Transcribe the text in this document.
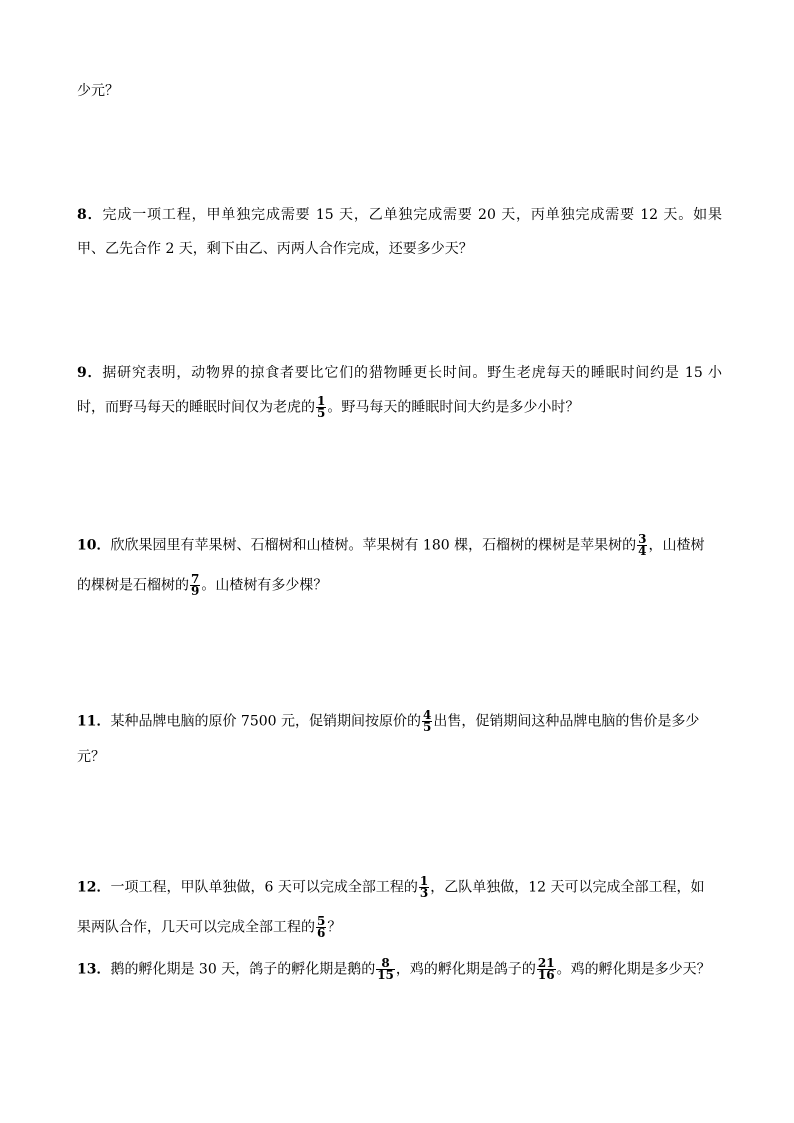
少元？
8．完成一项工程，甲单独完成需要 15 天，乙单独完成需要 20 天，丙单独完成需要 12 天。如果
甲、乙先合作 2 天，剩下由乙、丙两人合作完成，还要多少天？
9．据研究表明，动物界的掠食者要比它们的猎物睡更长时间。野生老虎每天的睡眠时间约是 15 小
时，而野马每天的睡眠时间仅为老虎的 $\frac{1}{5}$ 。野马每天的睡眠时间大约是多少小时？
10．欣欣果园里有苹果树、石榴树和山楂树。苹果树有 180 棵，石榴树的棵树是苹果树的 $\frac{3}{4}$ ，山楂树
的棵树是石榴树的 $\frac{7}{9}$ 。山楂树有多少棵？
11．某种品牌电脑的原价 7500 元，促销期间按原价的 $\frac{4}{5}$ 出售，促销期间这种品牌电脑的售价是多少
元？
12．一项工程，甲队单独做，6 天可以完成全部工程的 $\frac{1}{3}$ ，乙队单独做，12 天可以完成全部工程，如
果两队合作，几天可以完成全部工程的 $\frac{5}{6}$ ？
13．鹅的孵化期是 30 天，鸽子的孵化期是鹅的 $\frac{8}{15}$ ，鸡的孵化期是鸽子的 $\frac{21}{16}$ 。鸡的孵化期是多少天？
